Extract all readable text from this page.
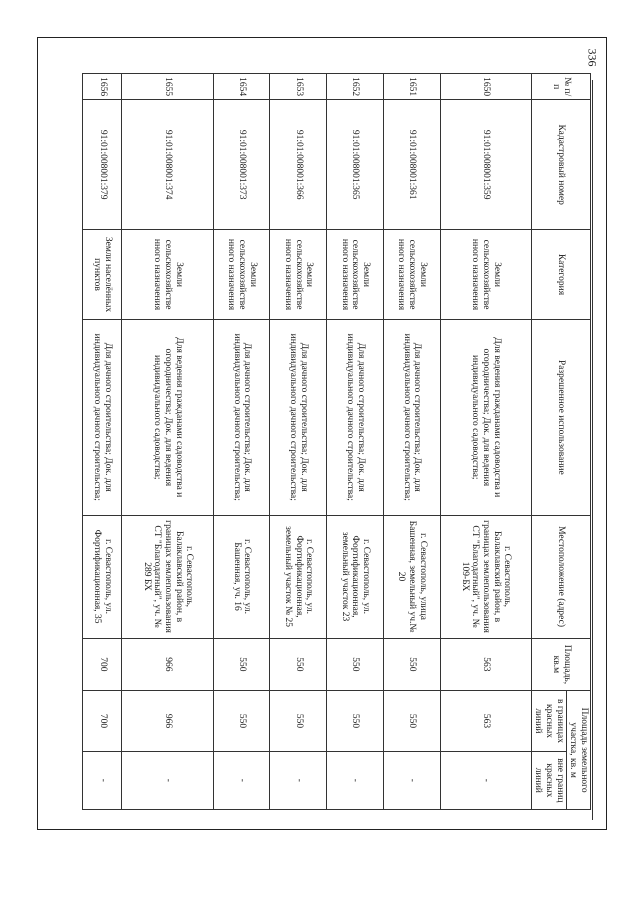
336
№ п/п	Кадастровый номер	Категория	Разрешенное использование	Местоположение (адрес)	Площадь, кв.м	Площадь земельного участка, кв. м	
						в границах красных линий	вне границ красных линий
1650	91:01:008001:359	Земли сельскохозяйстве нного назначения	Для ведения гражданами садоводства и огородничества; Док. для ведения индивидуального садоводства;	г. Севастополь, Балаклавский район, в границах землепользования СТ "Благодатный", уч. № 109-БХ	563	563	-
1651	91:01:008001:361	Земли сельскохозяйстве нного назначения	Для дачного строительства; Док. для индивидуального дачного строительства;	г. Севастополь, улица Башенная, земельный уч.№ 20	550	550	-
1652	91:01:008001:365	Земли сельскохозяйстве нного назначения	Для дачного строительства; Док. для индивидуального дачного строительства;	г. Севастополь, ул. Фортификационная, земельный участок 23	550	550	-
1653	91:01:008001:366	Земли сельскохозяйстве нного назначения	Для дачного строительства; Док. для индивидуального дачного строительства;	г. Севастополь, ул. Фортификационная, земельный участок № 25	550	550	-
1654	91:01:008001:373	Земли сельскохозяйстве нного назначения	Для дачного строительства; Док. для индивидуального дачного строительства;	г. Севастополь, ул. Башенная, уч. 16	550	550	-
1655	91:01:008001:374	Земли сельскохозяйстве нного назначения	Для ведения гражданами садоводства и огородничества; Док. для ведения индивидуального садоводства;	г. Севастополь, Балаклавский район, в границах землепользования СТ "Благодатный", уч. № 289 БХ	966	966	-
1656	91:01:008001:379	Земли населённых пунктов	Для дачного строительства; Док. для индивидуального дачного строительства;	г. Севастополь, ул. Фортификационная, 35	700	700	-
